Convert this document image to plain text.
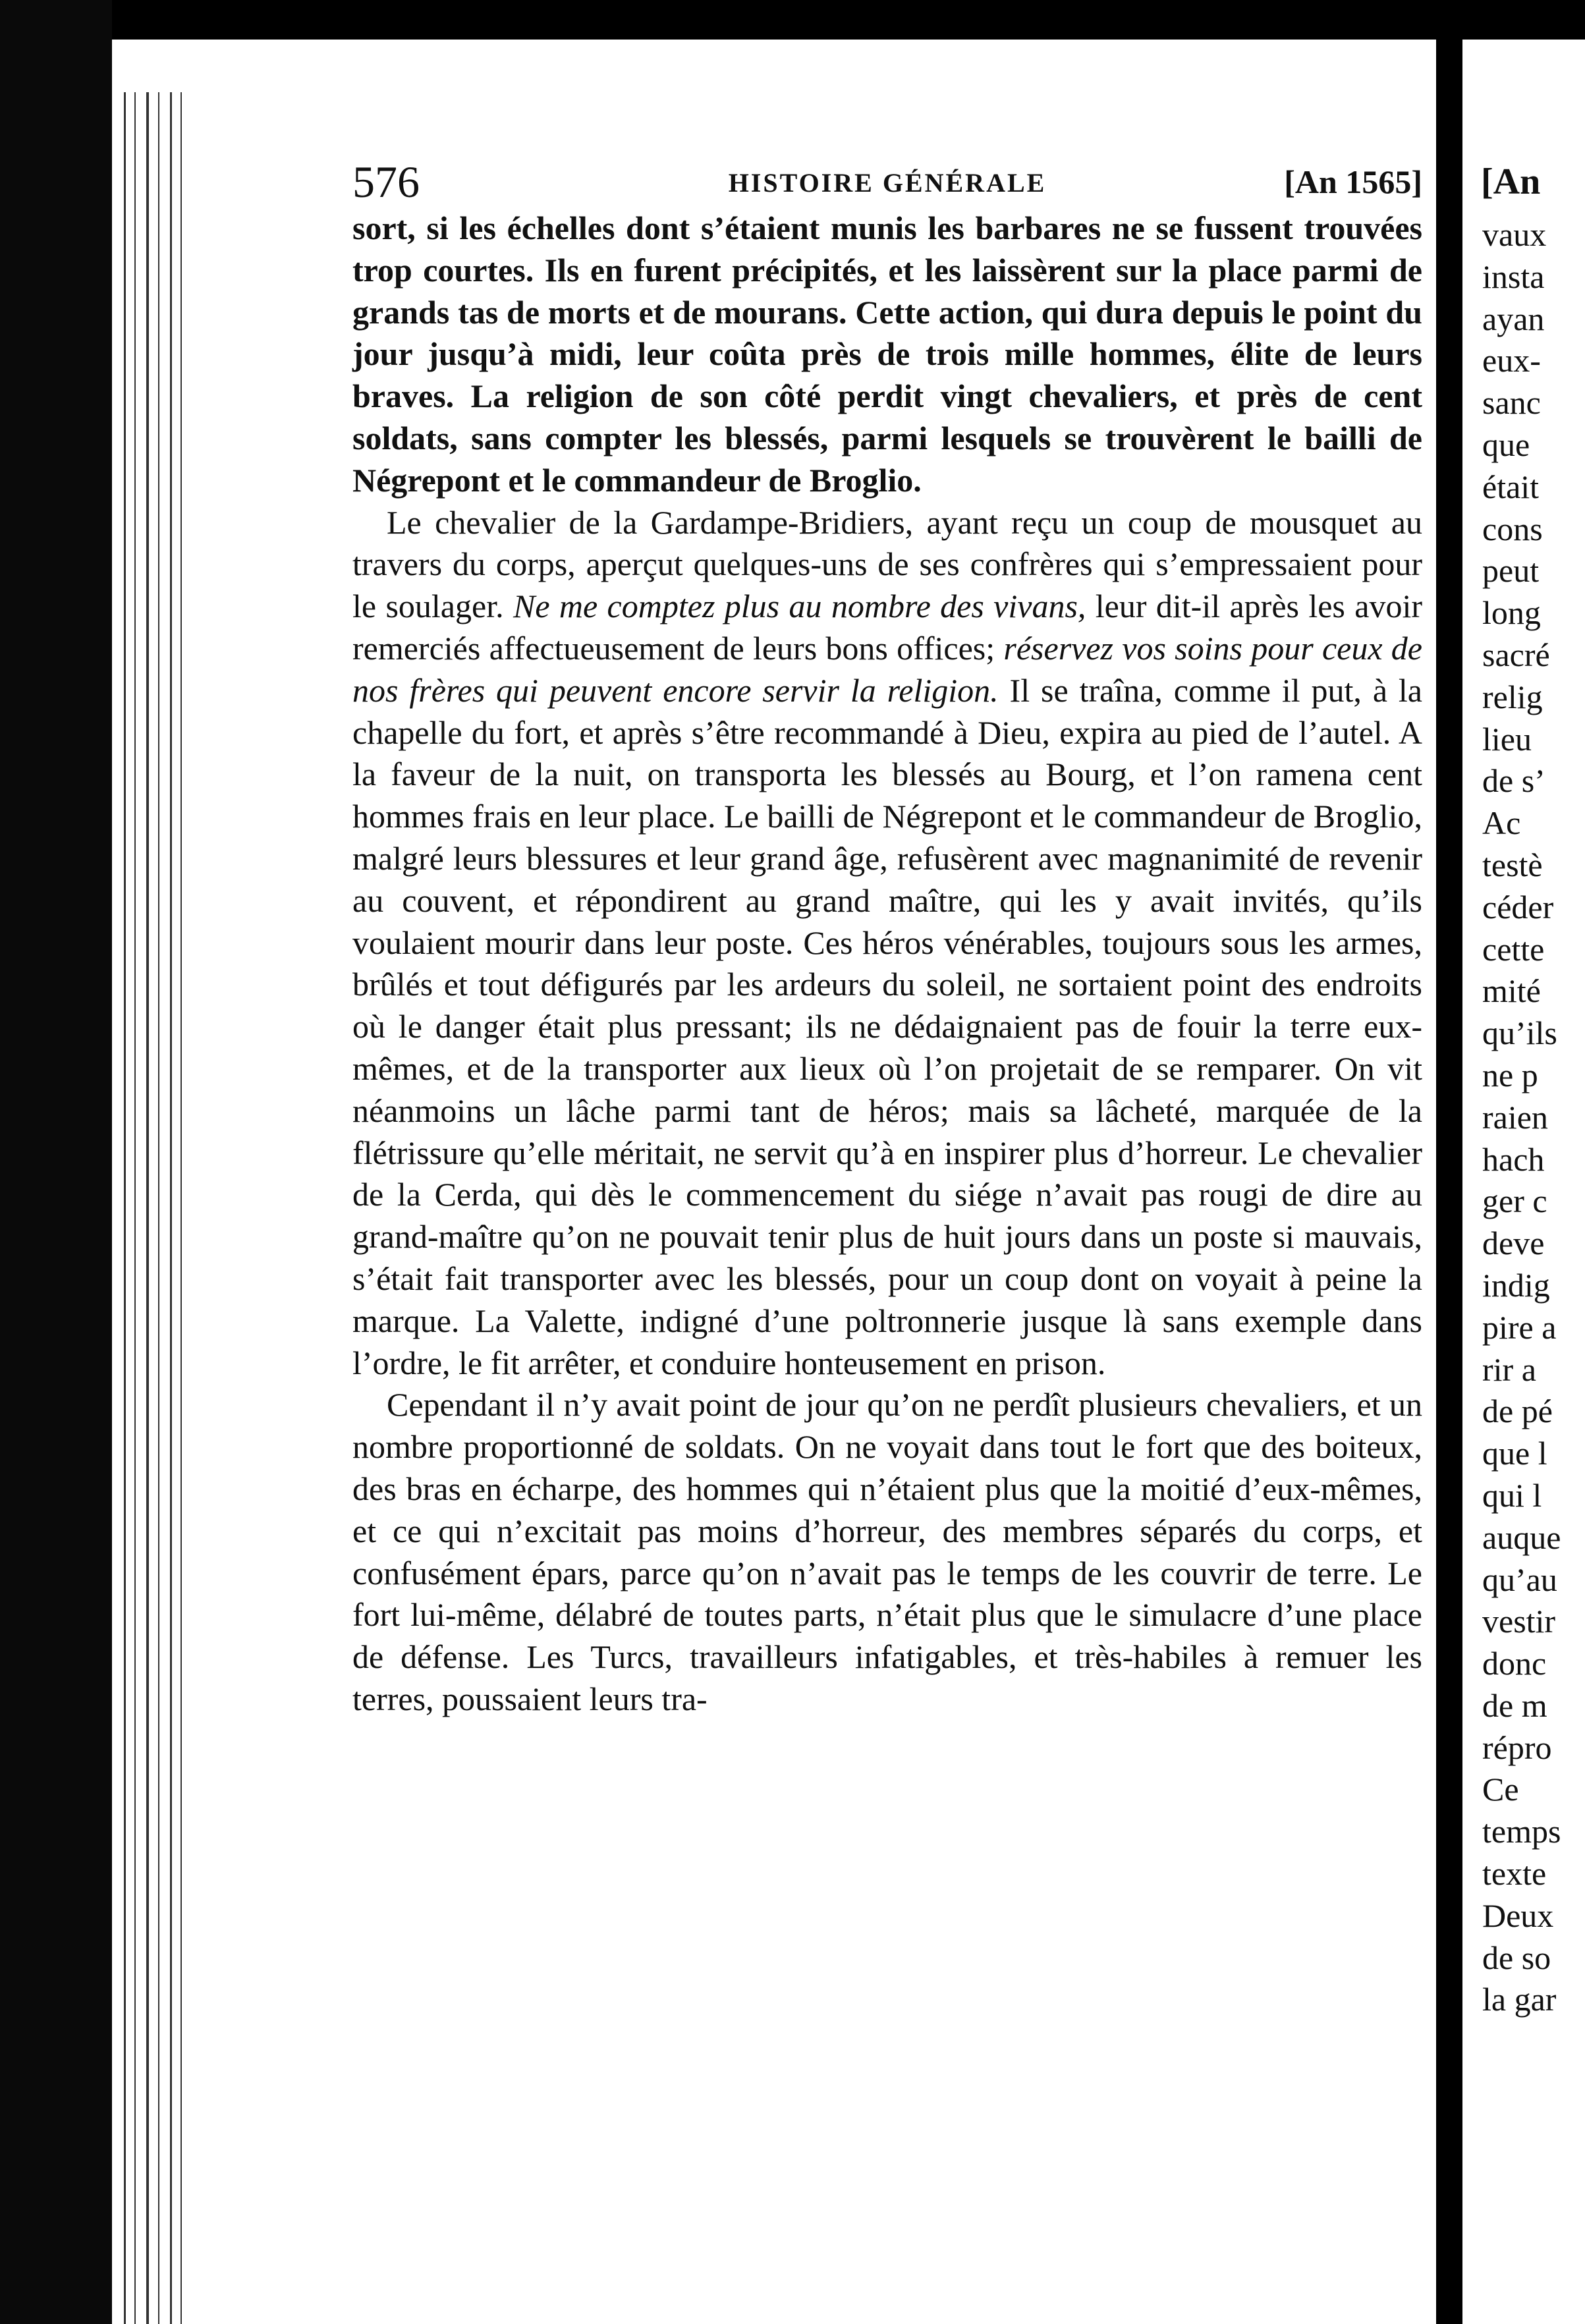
576	HISTOIRE GÉNÉRALE	[An 1565]

sort, si les échelles dont s’étaient munis les barbares ne se fussent trouvées trop courtes. Ils en furent précipités, et les laissèrent sur la place parmi de grands tas de morts et de mourans. Cette action, qui dura depuis le point du jour jusqu’à midi, leur coûta près de trois mille hommes, élite de leurs braves. La religion de son côté perdit vingt chevaliers, et près de cent soldats, sans compter les blessés, parmi lesquels se trouvèrent le bailli de Négrepont et le commandeur de Broglio.

Le chevalier de la Gardampe-Bridiers, ayant reçu un coup de mousquet au travers du corps, aperçut quelques-uns de ses confrères qui s’empressaient pour le soulager. Ne me comptez plus au nombre des vivans, leur dit-il après les avoir remerciés affectueusement de leurs bons offices; réservez vos soins pour ceux de nos frères qui peuvent encore servir la religion. Il se traîna, comme il put, à la chapelle du fort, et après s’être recommandé à Dieu, expira au pied de l’autel. A la faveur de la nuit, on transporta les blessés au Bourg, et l’on ramena cent hommes frais en leur place. Le bailli de Négrepont et le commandeur de Broglio, malgré leurs blessures et leur grand âge, refusèrent avec magnanimité de revenir au couvent, et répondirent au grand maître, qui les y avait invités, qu’ils voulaient mourir dans leur poste. Ces héros vénérables, toujours sous les armes, brûlés et tout défigurés par les ardeurs du soleil, ne sortaient point des endroits où le danger était plus pressant; ils ne dédaignaient pas de fouir la terre eux-mêmes, et de la transporter aux lieux où l’on projetait de se remparer. On vit néanmoins un lâche parmi tant de héros; mais sa lâcheté, marquée de la flétrissure qu’elle méritait, ne servit qu’à en inspirer plus d’horreur. Le chevalier de la Cerda, qui dès le commencement du siége n’avait pas rougi de dire au grand-maître qu’on ne pouvait tenir plus de huit jours dans un poste si mauvais, s’était fait transporter avec les blessés, pour un coup dont on voyait à peine la marque. La Valette, indigné d’une poltronnerie jusque là sans exemple dans l’ordre, le fit arrêter, et conduire honteusement en prison.

Cependant il n’y avait point de jour qu’on ne perdît plusieurs chevaliers, et un nombre proportionné de soldats. On ne voyait dans tout le fort que des boiteux, des bras en écharpe, des hommes qui n’étaient plus que la moitié d’eux-mêmes, et ce qui n’excitait pas moins d’horreur, des membres séparés du corps, et confusément épars, parce qu’on n’avait pas le temps de les couvrir de terre. Le fort lui-même, délabré de toutes parts, n’était plus que le simulacre d’une place de défense. Les Turcs, travailleurs infatigables, et très-habiles à remuer les terres, poussaient leurs tra-

[An
vaux
insta
ayan
eux-
sanc
que
était
cons
peut
long
sacré
relig
lieu
de s’
Ac
testè
céder
cette
mité
qu’ils
ne p
raien
hach
ger c
deve
indig
pire a
rir a
de pé
que l
qui l
auque
qu’au
vestir
donc
de m
répro
Ce
temps
texte
Deux
de so
la gar
